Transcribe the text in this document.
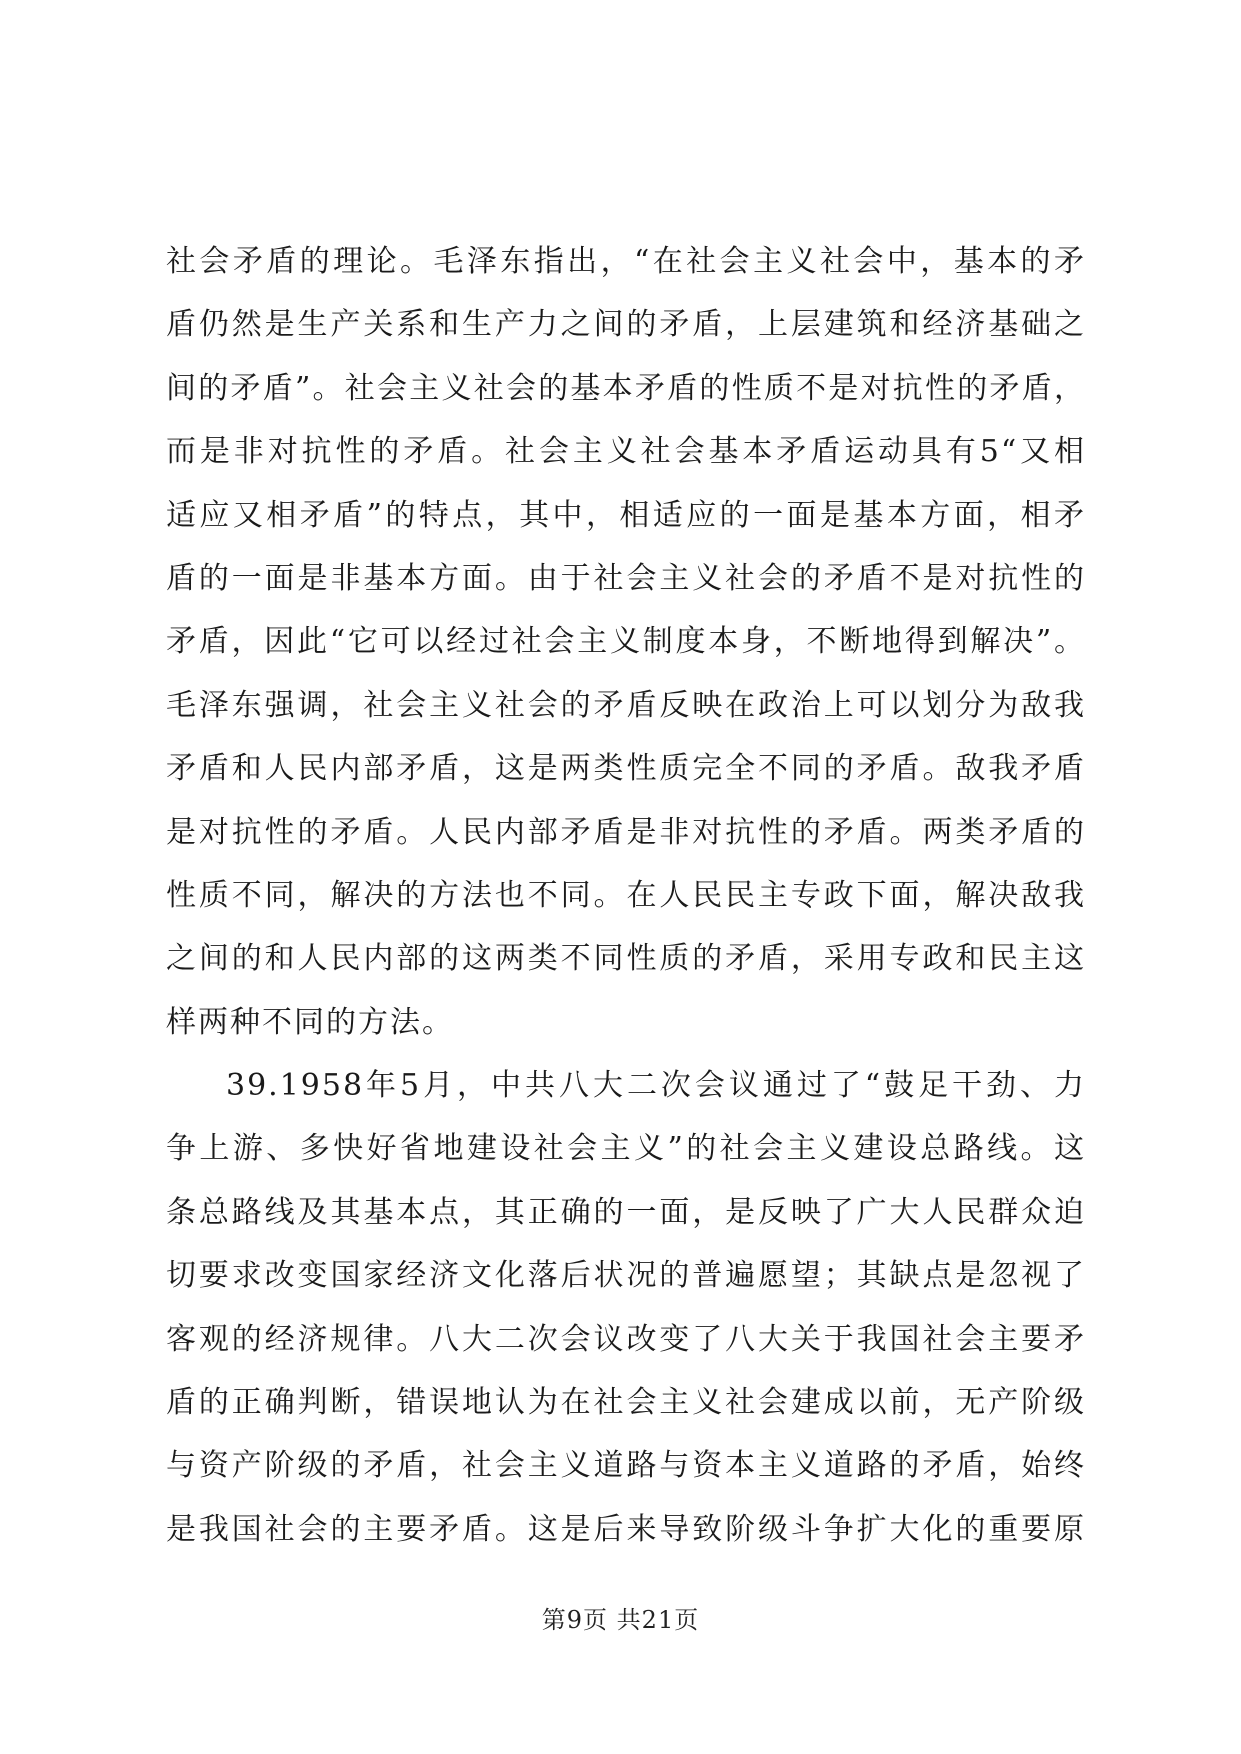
社会矛盾的理论。毛泽东指出，“在社会主义社会中，基本的矛
盾仍然是生产关系和生产力之间的矛盾，上层建筑和经济基础之
间的矛盾”。社会主义社会的基本矛盾的性质不是对抗性的矛盾，
而是非对抗性的矛盾。社会主义社会基本矛盾运动具有5“又相
适应又相矛盾”的特点，其中，相适应的一面是基本方面，相矛
盾的一面是非基本方面。由于社会主义社会的矛盾不是对抗性的
矛盾，因此“它可以经过社会主义制度本身，不断地得到解决”。
毛泽东强调，社会主义社会的矛盾反映在政治上可以划分为敌我
矛盾和人民内部矛盾，这是两类性质完全不同的矛盾。敌我矛盾
是对抗性的矛盾。人民内部矛盾是非对抗性的矛盾。两类矛盾的
性质不同，解决的方法也不同。在人民民主专政下面，解决敌我
之间的和人民内部的这两类不同性质的矛盾，采用专政和民主这
样两种不同的方法。
39.1958年5月，中共八大二次会议通过了“鼓足干劲、力
争上游、多快好省地建设社会主义”的社会主义建设总路线。这
条总路线及其基本点，其正确的一面，是反映了广大人民群众迫
切要求改变国家经济文化落后状况的普遍愿望；其缺点是忽视了
客观的经济规律。八大二次会议改变了八大关于我国社会主要矛
盾的正确判断，错误地认为在社会主义社会建成以前，无产阶级
与资产阶级的矛盾，社会主义道路与资本主义道路的矛盾，始终
是我国社会的主要矛盾。这是后来导致阶级斗争扩大化的重要原
第9页 共21页
